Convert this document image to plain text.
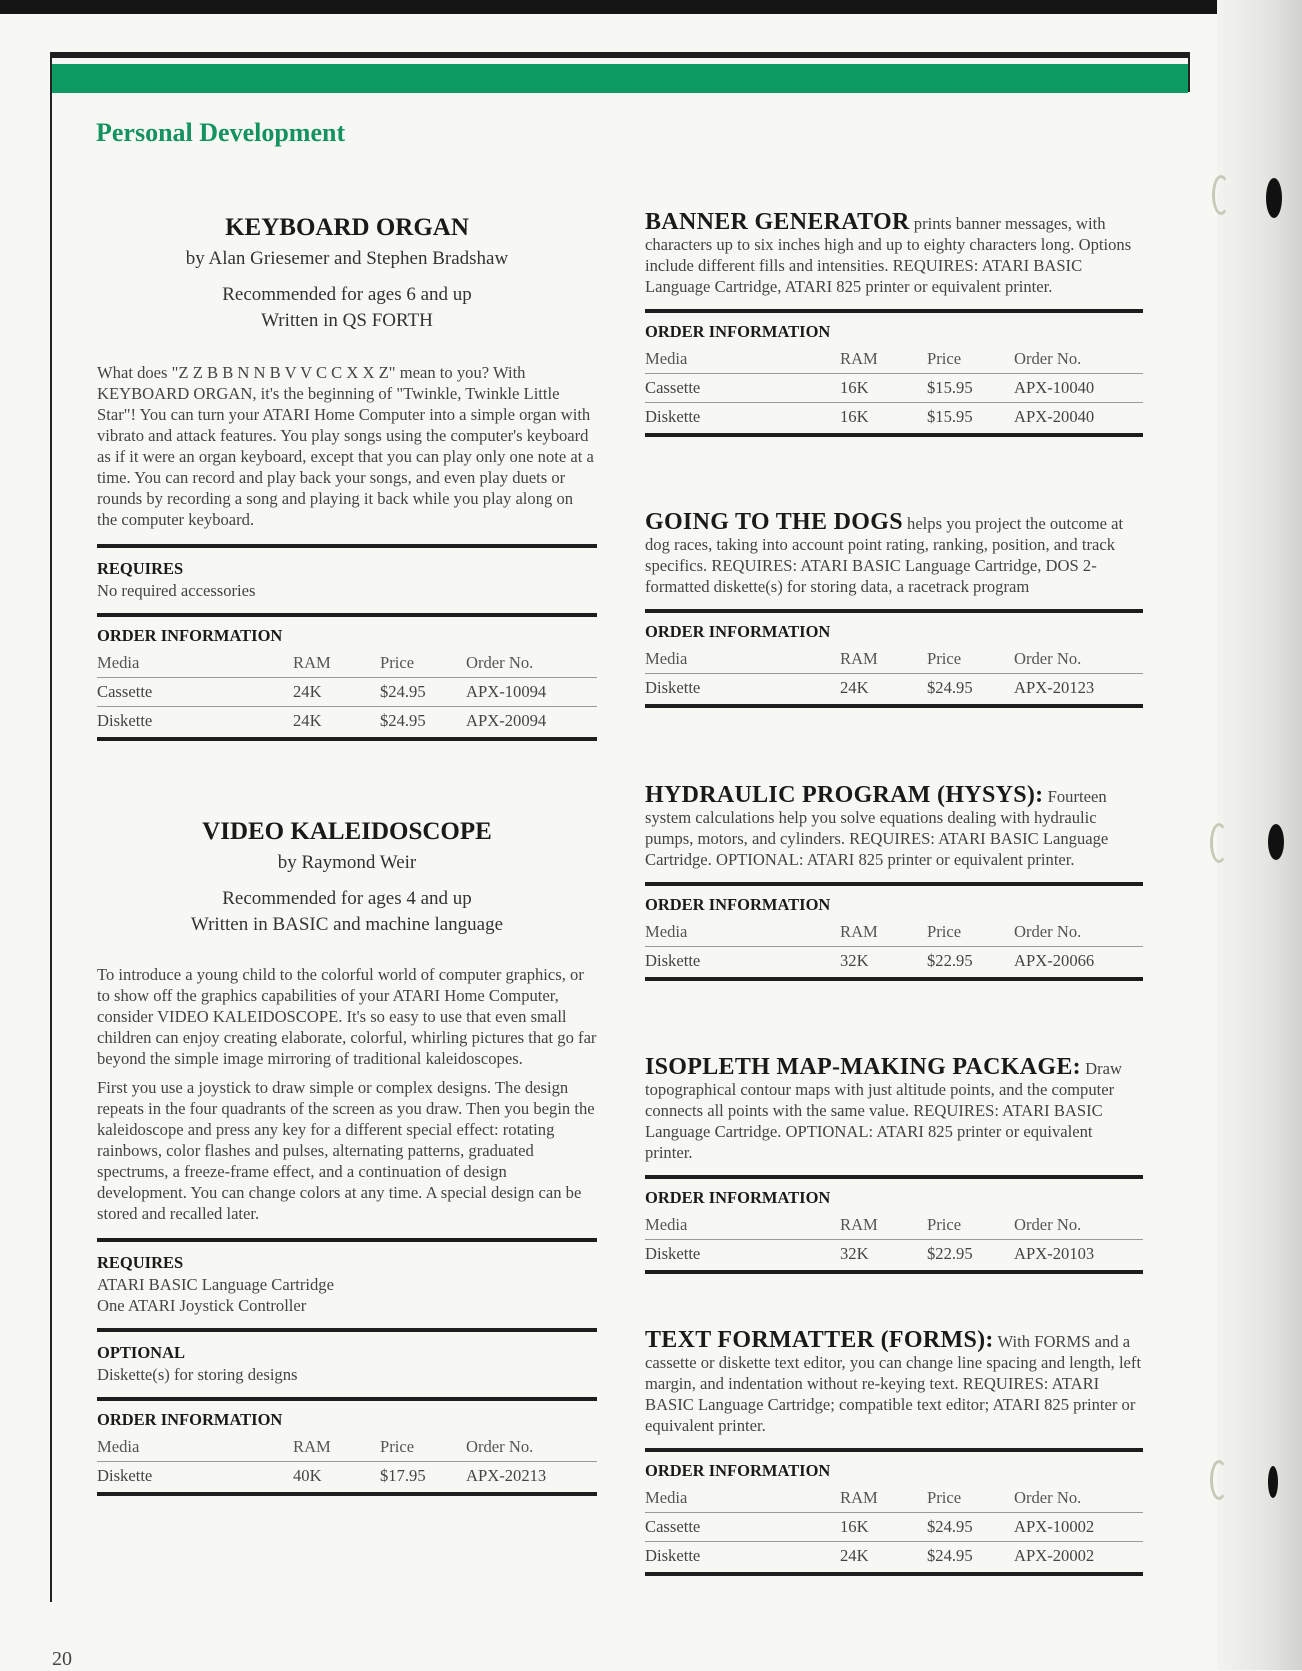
Personal Development
KEYBOARD ORGAN

by Alan Griesemer and Stephen Bradshaw

Recommended for ages 6 and up

Written in QS FORTH

What does "Z Z B B N N B V V C C X X Z" mean to you? With KEYBOARD ORGAN, it's the beginning of "Twinkle, Twinkle Little Star"! You can turn your ATARI Home Computer into a simple organ with vibrato and attack features. You play songs using the computer's keyboard as if it were an organ keyboard, except that you can play only one note at a time. You can record and play back your songs, and even play duets or rounds by recording a song and playing it back while you play along on the computer keyboard.

REQUIRES

No required accessories

ORDER INFORMATION

Media	RAM	Price	Order No.
Cassette	24K	$24.95	APX-10094
Diskette	24K	$24.95	APX-20094
VIDEO KALEIDOSCOPE

by Raymond Weir

Recommended for ages 4 and up

Written in BASIC and machine language

To introduce a young child to the colorful world of computer graphics, or to show off the graphics capabilities of your ATARI Home Computer, consider VIDEO KALEIDOSCOPE. It's so easy to use that even small children can enjoy creating elaborate, colorful, whirling pictures that go far beyond the simple image mirroring of traditional kaleidoscopes.

First you use a joystick to draw simple or complex designs. The design repeats in the four quadrants of the screen as you draw. Then you begin the kaleidoscope and press any key for a different special effect: rotating rainbows, color flashes and pulses, alternating patterns, graduated spectrums, a freeze-frame effect, and a continuation of design development. You can change colors at any time. A special design can be stored and recalled later.

REQUIRES

ATARI BASIC Language Cartridge

One ATARI Joystick Controller

OPTIONAL

Diskette(s) for storing designs

ORDER INFORMATION

Media	RAM	Price	Order No.
Diskette	40K	$17.95	APX-20213

BANNER GENERATOR prints banner messages, with characters up to six inches high and up to eighty characters long. Options include different fills and intensities. REQUIRES: ATARI BASIC Language Cartridge, ATARI 825 printer or equivalent printer.

ORDER INFORMATION

Media	RAM	Price	Order No.
Cassette	16K	$15.95	APX-10040
Diskette	16K	$15.95	APX-20040

GOING TO THE DOGS helps you project the outcome at dog races, taking into account point rating, ranking, position, and track specifics. REQUIRES: ATARI BASIC Language Cartridge, DOS 2-formatted diskette(s) for storing data, a racetrack program

ORDER INFORMATION

Media	RAM	Price	Order No.
Diskette	24K	$24.95	APX-20123

HYDRAULIC PROGRAM (HYSYS): Fourteen system calculations help you solve equations dealing with hydraulic pumps, motors, and cylinders. REQUIRES: ATARI BASIC Language Cartridge. OPTIONAL: ATARI 825 printer or equivalent printer.

ORDER INFORMATION

Media	RAM	Price	Order No.
Diskette	32K	$22.95	APX-20066

ISOPLETH MAP-MAKING PACKAGE: Draw topographical contour maps with just altitude points, and the computer connects all points with the same value. REQUIRES: ATARI BASIC Language Cartridge. OPTIONAL: ATARI 825 printer or equivalent printer.

ORDER INFORMATION

Media	RAM	Price	Order No.
Diskette	32K	$22.95	APX-20103

TEXT FORMATTER (FORMS): With FORMS and a cassette or diskette text editor, you can change line spacing and length, left margin, and indentation without re-keying text. REQUIRES: ATARI BASIC Language Cartridge; compatible text editor; ATARI 825 printer or equivalent printer.

ORDER INFORMATION

Media	RAM	Price	Order No.
Cassette	16K	$24.95	APX-10002
Diskette	24K	$24.95	APX-20002
20
